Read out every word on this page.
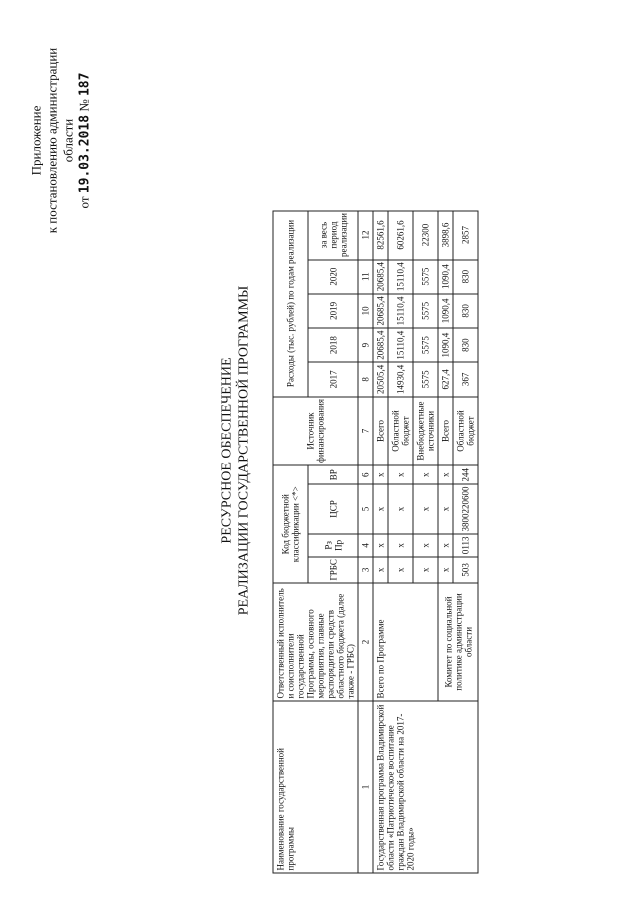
Приложение к постановлению администрации области
от 19.03.2018 № 187
РЕСУРСНОЕ ОБЕСПЕЧЕНИЕ РЕАЛИЗАЦИИ ГОСУДАРСТВЕННОЙ ПРОГРАММЫ
Наименование государственной программы	Ответственный исполнитель и соисполнители государственной Программы, основного мероприятия, главные распорядители средств областного бюджета (далее также - ГРБС)	Код бюджетной классификации <*>				Источник финансирования	Расходы (тыс. рублей) по годам реализации				
		ГРБС	Рз Пр	ЦСР	ВР		2017	2018	2019	2020	за весь период реализации
1	2	3	4	5	6	7	8	9	10	11	12
Государственная программа Владимирской области «Патриотическое воспитание граждан Владимирской области на 2017-2020 годы»	Всего по Программе	x	x	x	x	Всего	20505,4	20685,4	20685,4	20685,4	82561,6
		x	x	x	x	Областной бюджет	14930,4	15110,4	15110,4	15110,4	60261,6
		x	x	x	x	Внебюджетные источники	5575	5575	5575	5575	22300
	Комитет по социальной политике администрации области	x	x	x	x	Всего	627,4	1090,4	1090,4	1090,4	3898,6
		503	0113	3800220600	244	Областной бюджет	367	830	830	830	2857
